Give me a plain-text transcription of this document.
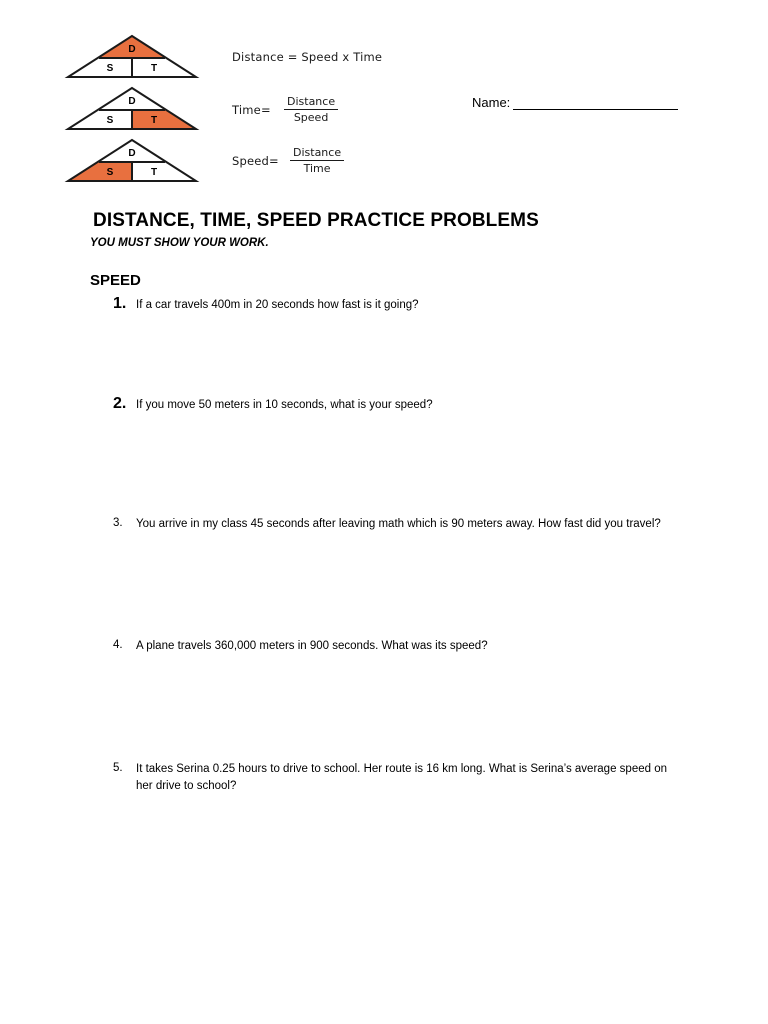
D
S	T
D
S	T
D
S	T
Distance = Speed x Time
Time=
Distance
Speed
Speed=
Distance
Time
Name:
DISTANCE, TIME, SPEED PRACTICE PROBLEMS
YOU MUST SHOW YOUR WORK.
SPEED
1. If a car travels 400m in 20 seconds how fast is it going?
2. If you move 50 meters in 10 seconds, what is your speed?
3. You arrive in my class 45 seconds after leaving math which is 90 meters away. How fast did you travel?
4. A plane travels 360,000 meters in 900 seconds. What was its speed?
5. It takes Serina 0.25 hours to drive to school. Her route is 16 km long. What is Serina’s average speed on her drive to school?
